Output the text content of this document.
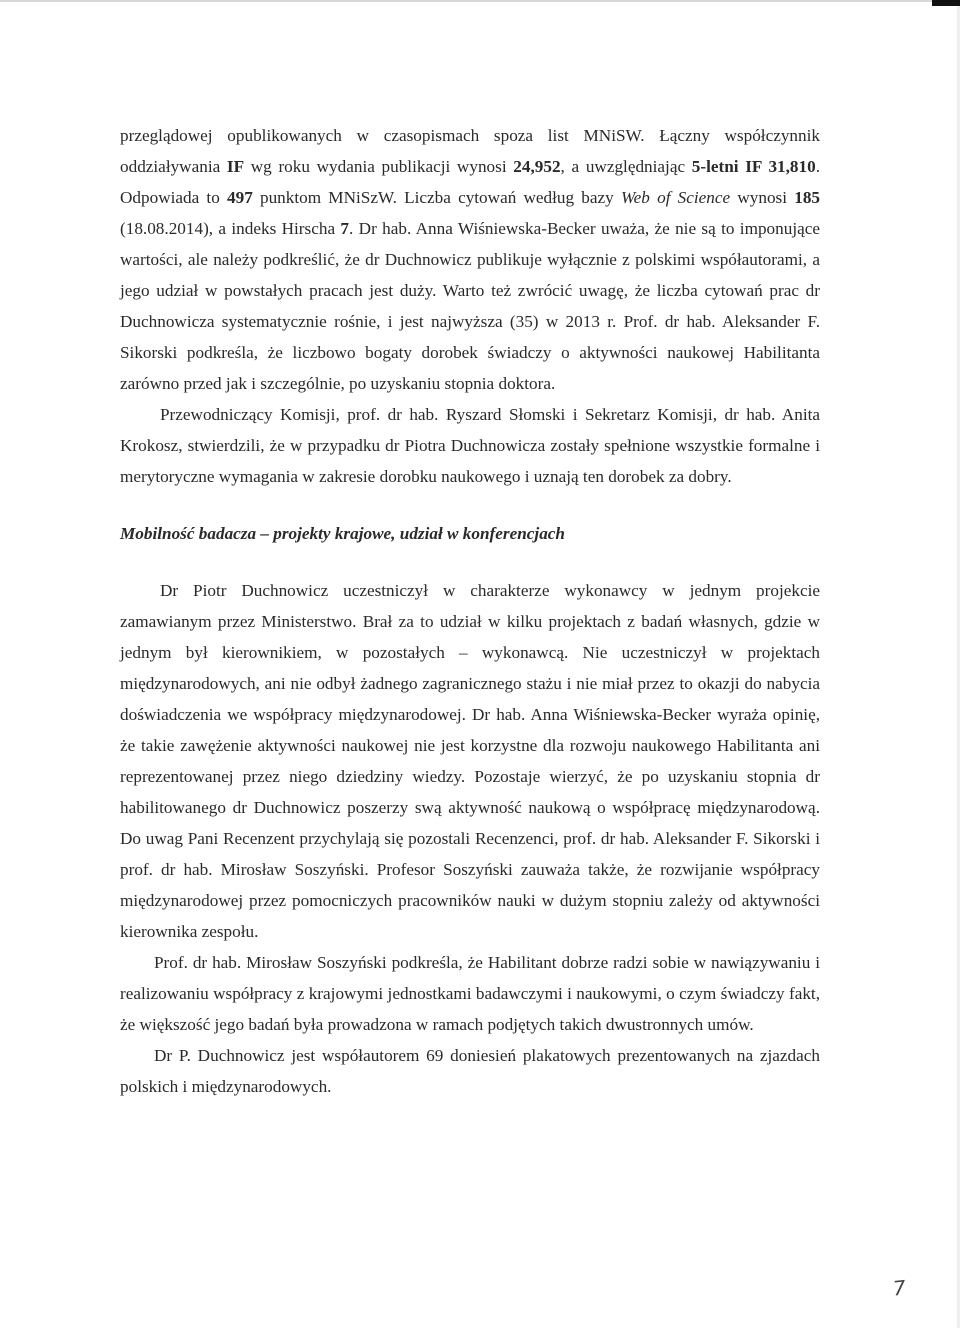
przeglądowej opublikowanych w czasopismach spoza list MNiSW. Łączny współczynnik oddziaływania IF wg roku wydania publikacji wynosi 24,952, a uwzględniając 5-letni IF 31,810. Odpowiada to 497 punktom MNiSzW. Liczba cytowań według bazy Web of Science wynosi 185 (18.08.2014), a indeks Hirscha 7. Dr hab. Anna Wiśniewska-Becker uważa, że nie są to imponujące wartości, ale należy podkreślić, że dr Duchnowicz publikuje wyłącznie z polskimi współautorami, a jego udział w powstałych pracach jest duży. Warto też zwrócić uwagę, że liczba cytowań prac dr Duchnowicza systematycznie rośnie, i jest najwyższa (35) w 2013 r. Prof. dr hab. Aleksander F. Sikorski podkreśla, że liczbowo bogaty dorobek świadczy o aktywności naukowej Habilitanta zarówno przed jak i szczególnie, po uzyskaniu stopnia doktora.

Przewodniczący Komisji, prof. dr hab. Ryszard Słomski i Sekretarz Komisji, dr hab. Anita Krokosz, stwierdzili, że w przypadku dr Piotra Duchnowicza zostały spełnione wszystkie formalne i merytoryczne wymagania w zakresie dorobku naukowego i uznają ten dorobek za dobry.

Mobilność badacza – projekty krajowe, udział w konferencjach

Dr Piotr Duchnowicz uczestniczył w charakterze wykonawcy w jednym projekcie zamawianym przez Ministerstwo. Brał za to udział w kilku projektach z badań własnych, gdzie w jednym był kierownikiem, w pozostałych – wykonawcą. Nie uczestniczył w projektach międzynarodowych, ani nie odbył żadnego zagranicznego stażu i nie miał przez to okazji do nabycia doświadczenia we współpracy międzynarodowej. Dr hab. Anna Wiśniewska-Becker wyraża opinię, że takie zawężenie aktywności naukowej nie jest korzystne dla rozwoju naukowego Habilitanta ani reprezentowanej przez niego dziedziny wiedzy. Pozostaje wierzyć, że po uzyskaniu stopnia dr habilitowanego dr Duchnowicz poszerzy swą aktywność naukową o współpracę międzynarodową. Do uwag Pani Recenzent przychylają się pozostali Recenzenci, prof. dr hab. Aleksander F. Sikorski i prof. dr hab. Mirosław Soszyński. Profesor Soszyński zauważa także, że rozwijanie współpracy międzynarodowej przez pomocniczych pracowników nauki w dużym stopniu zależy od aktywności kierownika zespołu.

Prof. dr hab. Mirosław Soszyński podkreśla, że Habilitant dobrze radzi sobie w nawiązywaniu i realizowaniu współpracy z krajowymi jednostkami badawczymi i naukowymi, o czym świadczy fakt, że większość jego badań była prowadzona w ramach podjętych takich dwustronnych umów.

Dr P. Duchnowicz jest współautorem 69 doniesień plakatowych prezentowanych na zjazdach polskich i międzynarodowych.

7
